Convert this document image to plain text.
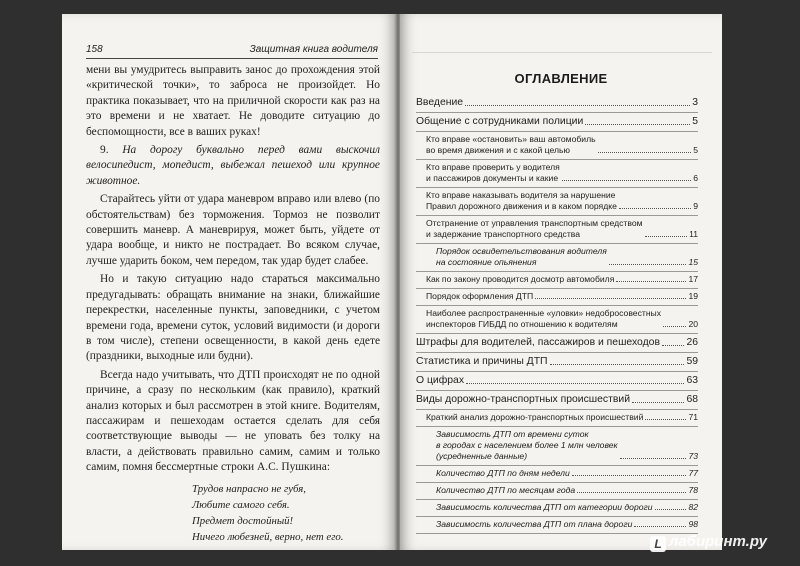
158	Защитная книга водителя

мени вы умудритесь выправить занос до прохождения этой «критической точки», то заброса не произойдет. Но практика показывает, что на приличной скорости как раз на это времени и не хватает. Не доводите ситуацию до беспомощности, все в ваших руках!

9. На дорогу буквально перед вами выскочил велосипедист, мопедист, выбежал пешеход или крупное животное.

Старайтесь уйти от удара маневром вправо или влево (по обстоятельствам) без торможения. Тормоз не позволит совершить маневр. А маневрируя, может быть, уйдете от удара вообще, и никто не пострадает. Во всяком случае, лучше ударить боком, чем передом, так удар будет слабее.

Но и такую ситуацию надо стараться максимально предугадывать: обращать внимание на знаки, ближайшие перекрестки, населенные пункты, заповедники, с учетом времени года, времени суток, условий видимости (и дороги в том числе), степени освещенности, в какой день едете (праздники, выходные или будни).

Всегда надо учитывать, что ДТП происходят не по одной причине, а сразу по нескольким (как правило), краткий анализ которых и был рассмотрен в этой книге. Водителям, пассажирам и пешеходам остается сделать для себя соответствующие выводы — не уповать без толку на власти, а действовать правильно самим, самим и только самим, помня бессмертные строки А.С. Пушкина:

Трудов напрасно не губя,
Любите самого себя.
Предмет достойный!
Ничего любезней, верно, нет его.
ОГЛАВЛЕНИЕ
Введение	3
Общение с сотрудниками полиции	5
Кто вправе «остановить» ваш автомобиль
во время движения и с какой целью	5
Кто вправе проверить у водителя
и пассажиров документы и какие	6
Кто вправе наказывать водителя за нарушение
Правил дорожного движения и в каком порядке	9
Отстранение от управления транспортным средством
и задержание транспортного средства	11
Порядок освидетельствования водителя
на состояние опьянения	15
Как по закону проводится досмотр автомобиля	17
Порядок оформления ДТП	19
Наиболее распространенные «уловки» недобросовестных
инспекторов ГИБДД по отношению к водителям	20
Штрафы для водителей, пассажиров и пешеходов	26
Статистика и причины ДТП	59
О цифрах	63
Виды дорожно-транспортных происшествий	68
Краткий анализ дорожно-транспортных происшествий	71
Зависимость ДТП от времени суток
в городах с населением более 1 млн человек
(усредненные данные)	73
Количество ДТП по дням недели	77
Количество ДТП по месяцам года	78
Зависимость количества ДТП от категории дороги	82
Зависимость количества ДТП от плана дороги	98
L лабиринт.ру
